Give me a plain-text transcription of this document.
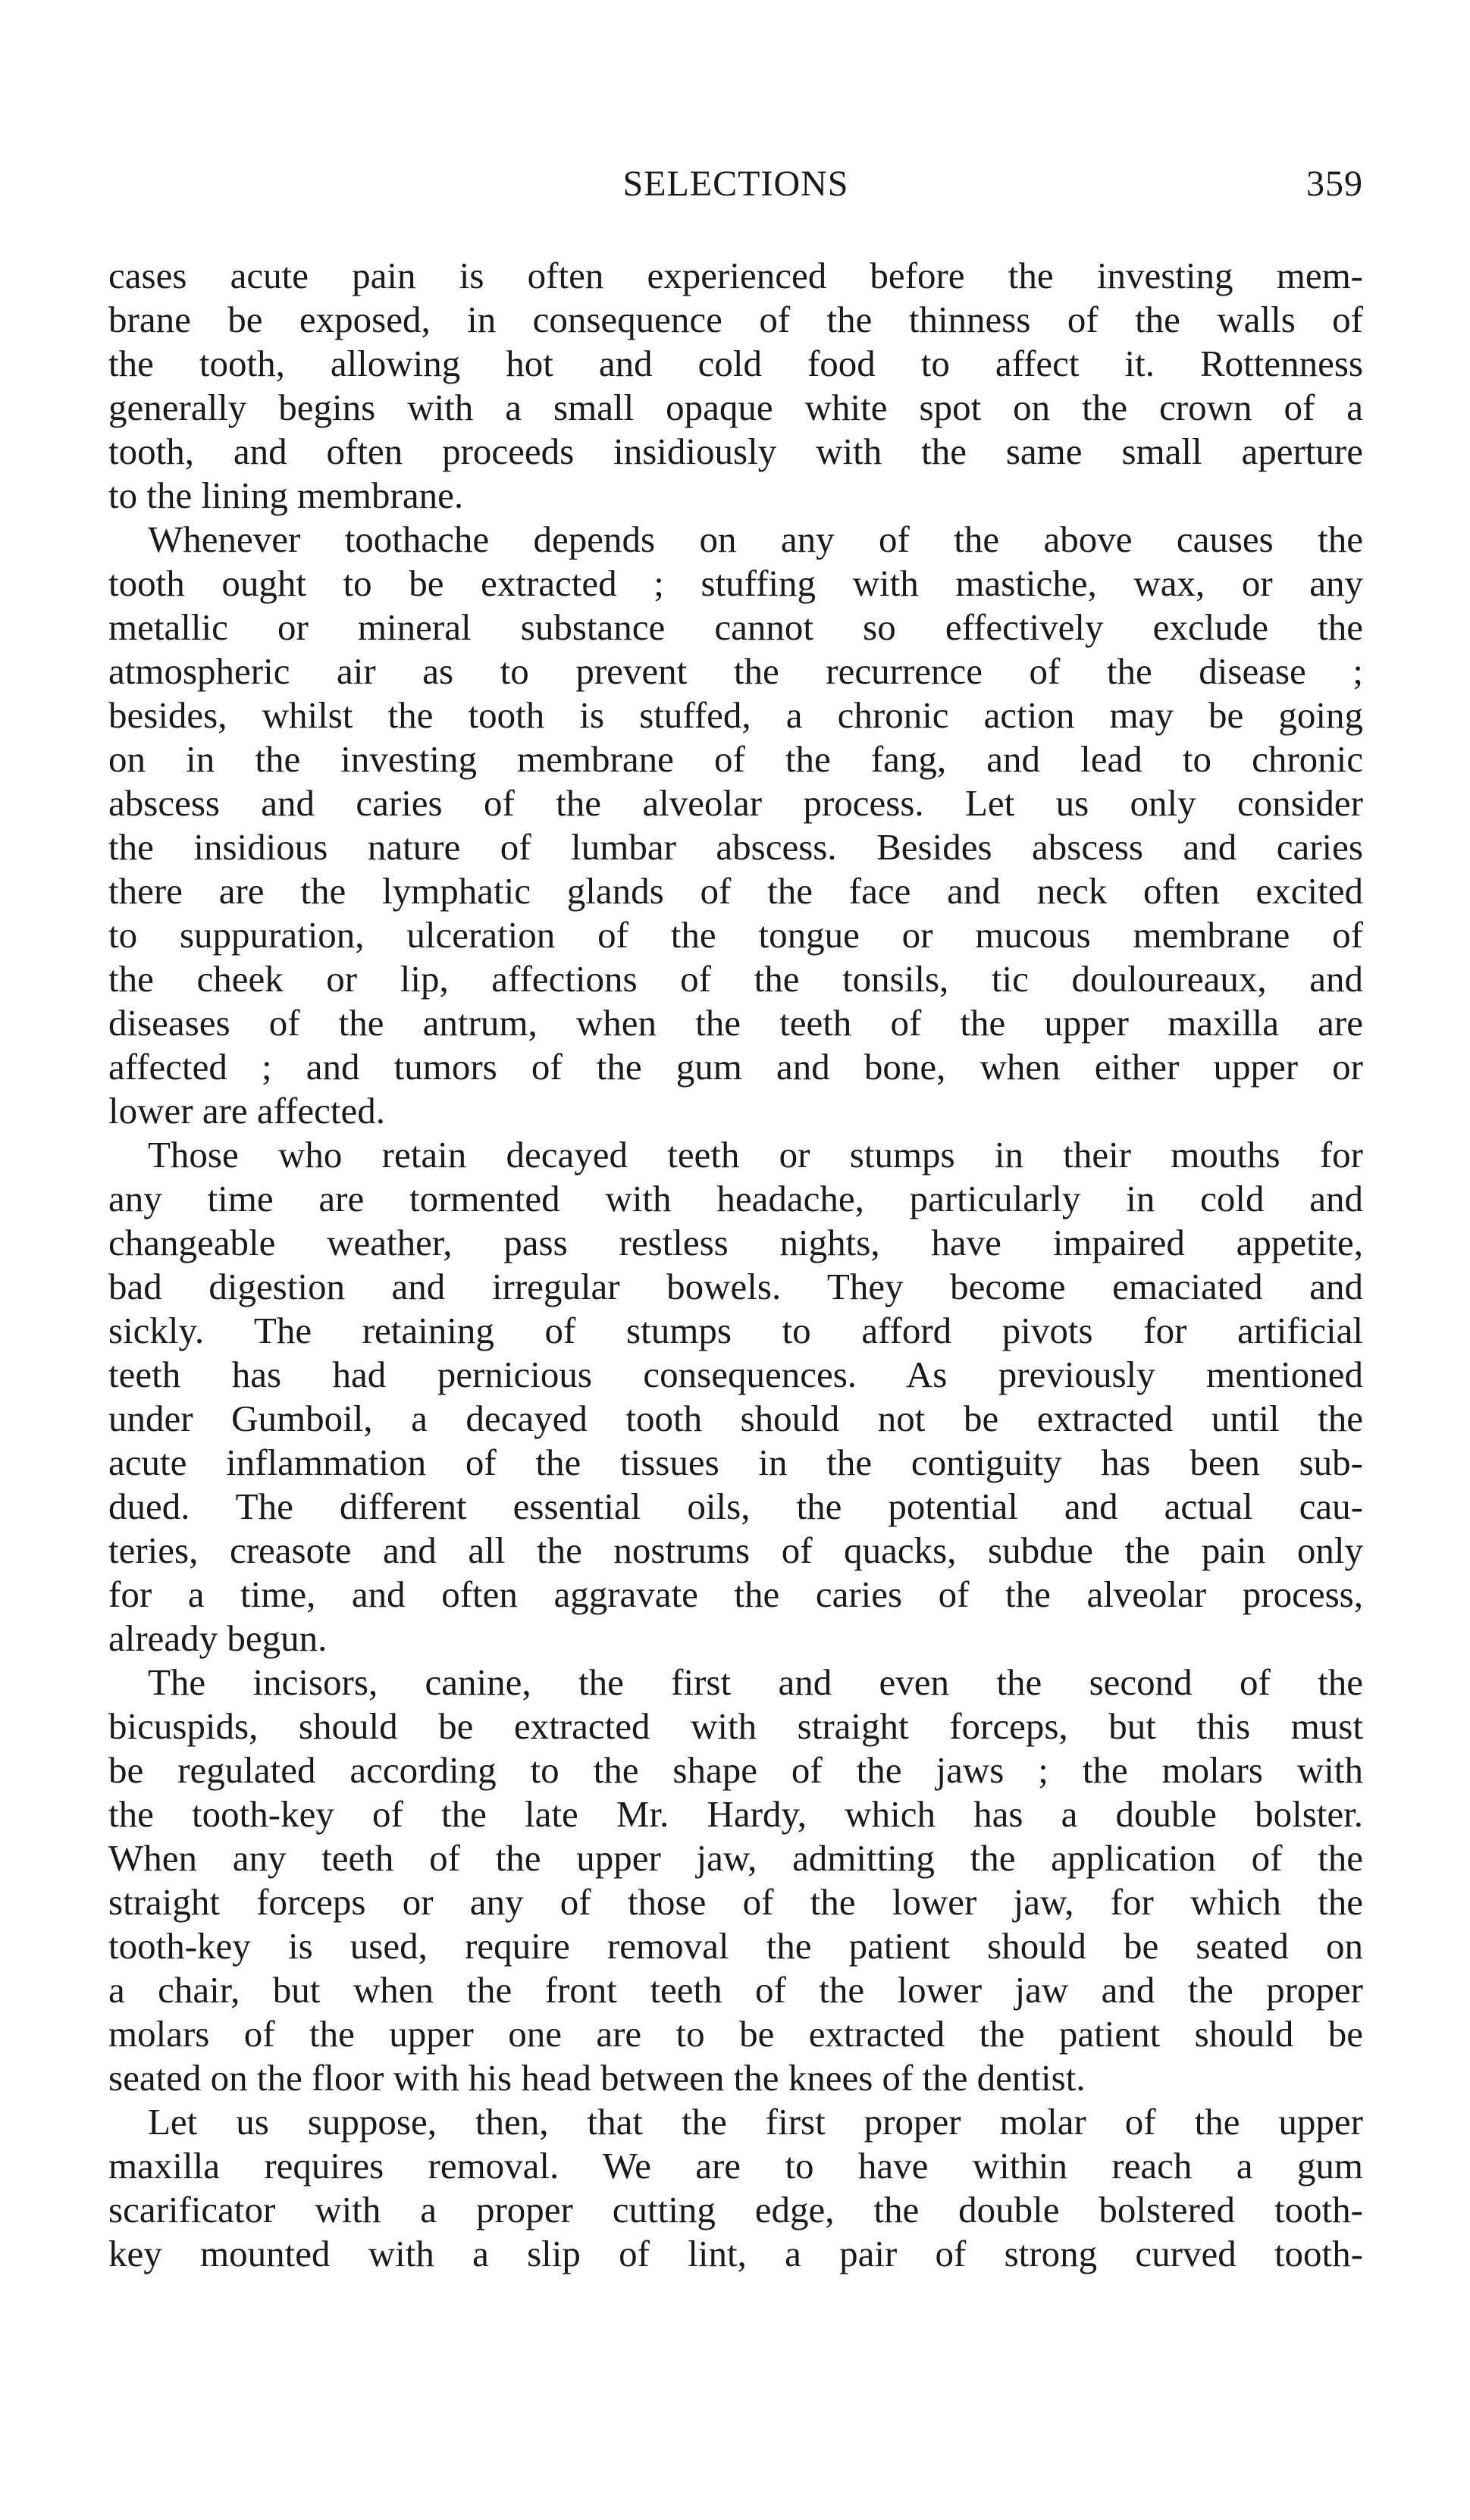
SELECTIONS	359

cases acute pain is often experienced before the investing mem-

brane be exposed, in consequence of the thinness of the walls of

the tooth, allowing hot and cold food to affect it. Rottenness

generally begins with a small opaque white spot on the crown of a

tooth, and often proceeds insidiously with the same small aperture

to the lining membrane.

Whenever toothache depends on any of the above causes the

tooth ought to be extracted ; stuffing with mastiche, wax, or any

metallic or mineral substance cannot so effectively exclude the

atmospheric air as to prevent the recurrence of the disease ;

besides, whilst the tooth is stuffed, a chronic action may be going

on in the investing membrane of the fang, and lead to chronic

abscess and caries of the alveolar process. Let us only consider

the insidious nature of lumbar abscess. Besides abscess and caries

there are the lymphatic glands of the face and neck often excited

to suppuration, ulceration of the tongue or mucous membrane of

the cheek or lip, affections of the tonsils, tic douloureaux, and

diseases of the antrum, when the teeth of the upper maxilla are

affected ; and tumors of the gum and bone, when either upper or

lower are affected.

Those who retain decayed teeth or stumps in their mouths for

any time are tormented with headache, particularly in cold and

changeable weather, pass restless nights, have impaired appetite,

bad digestion and irregular bowels. They become emaciated and

sickly. The retaining of stumps to afford pivots for artificial

teeth has had pernicious consequences. As previously mentioned

under Gumboil, a decayed tooth should not be extracted until the

acute inflammation of the tissues in the contiguity has been sub-

dued. The different essential oils, the potential and actual cau-

teries, creasote and all the nostrums of quacks, subdue the pain only

for a time, and often aggravate the caries of the alveolar process,

already begun.

The incisors, canine, the first and even the second of the

bicuspids, should be extracted with straight forceps, but this must

be regulated according to the shape of the jaws ; the molars with

the tooth-key of the late Mr. Hardy, which has a double bolster.

When any teeth of the upper jaw, admitting the application of the

straight forceps or any of those of the lower jaw, for which the

tooth-key is used, require removal the patient should be seated on

a chair, but when the front teeth of the lower jaw and the proper

molars of the upper one are to be extracted the patient should be

seated on the floor with his head between the knees of the dentist.

Let us suppose, then, that the first proper molar of the upper

maxilla requires removal. We are to have within reach a gum

scarificator with a proper cutting edge, the double bolstered tooth-

key mounted with a slip of lint, a pair of strong curved tooth-
